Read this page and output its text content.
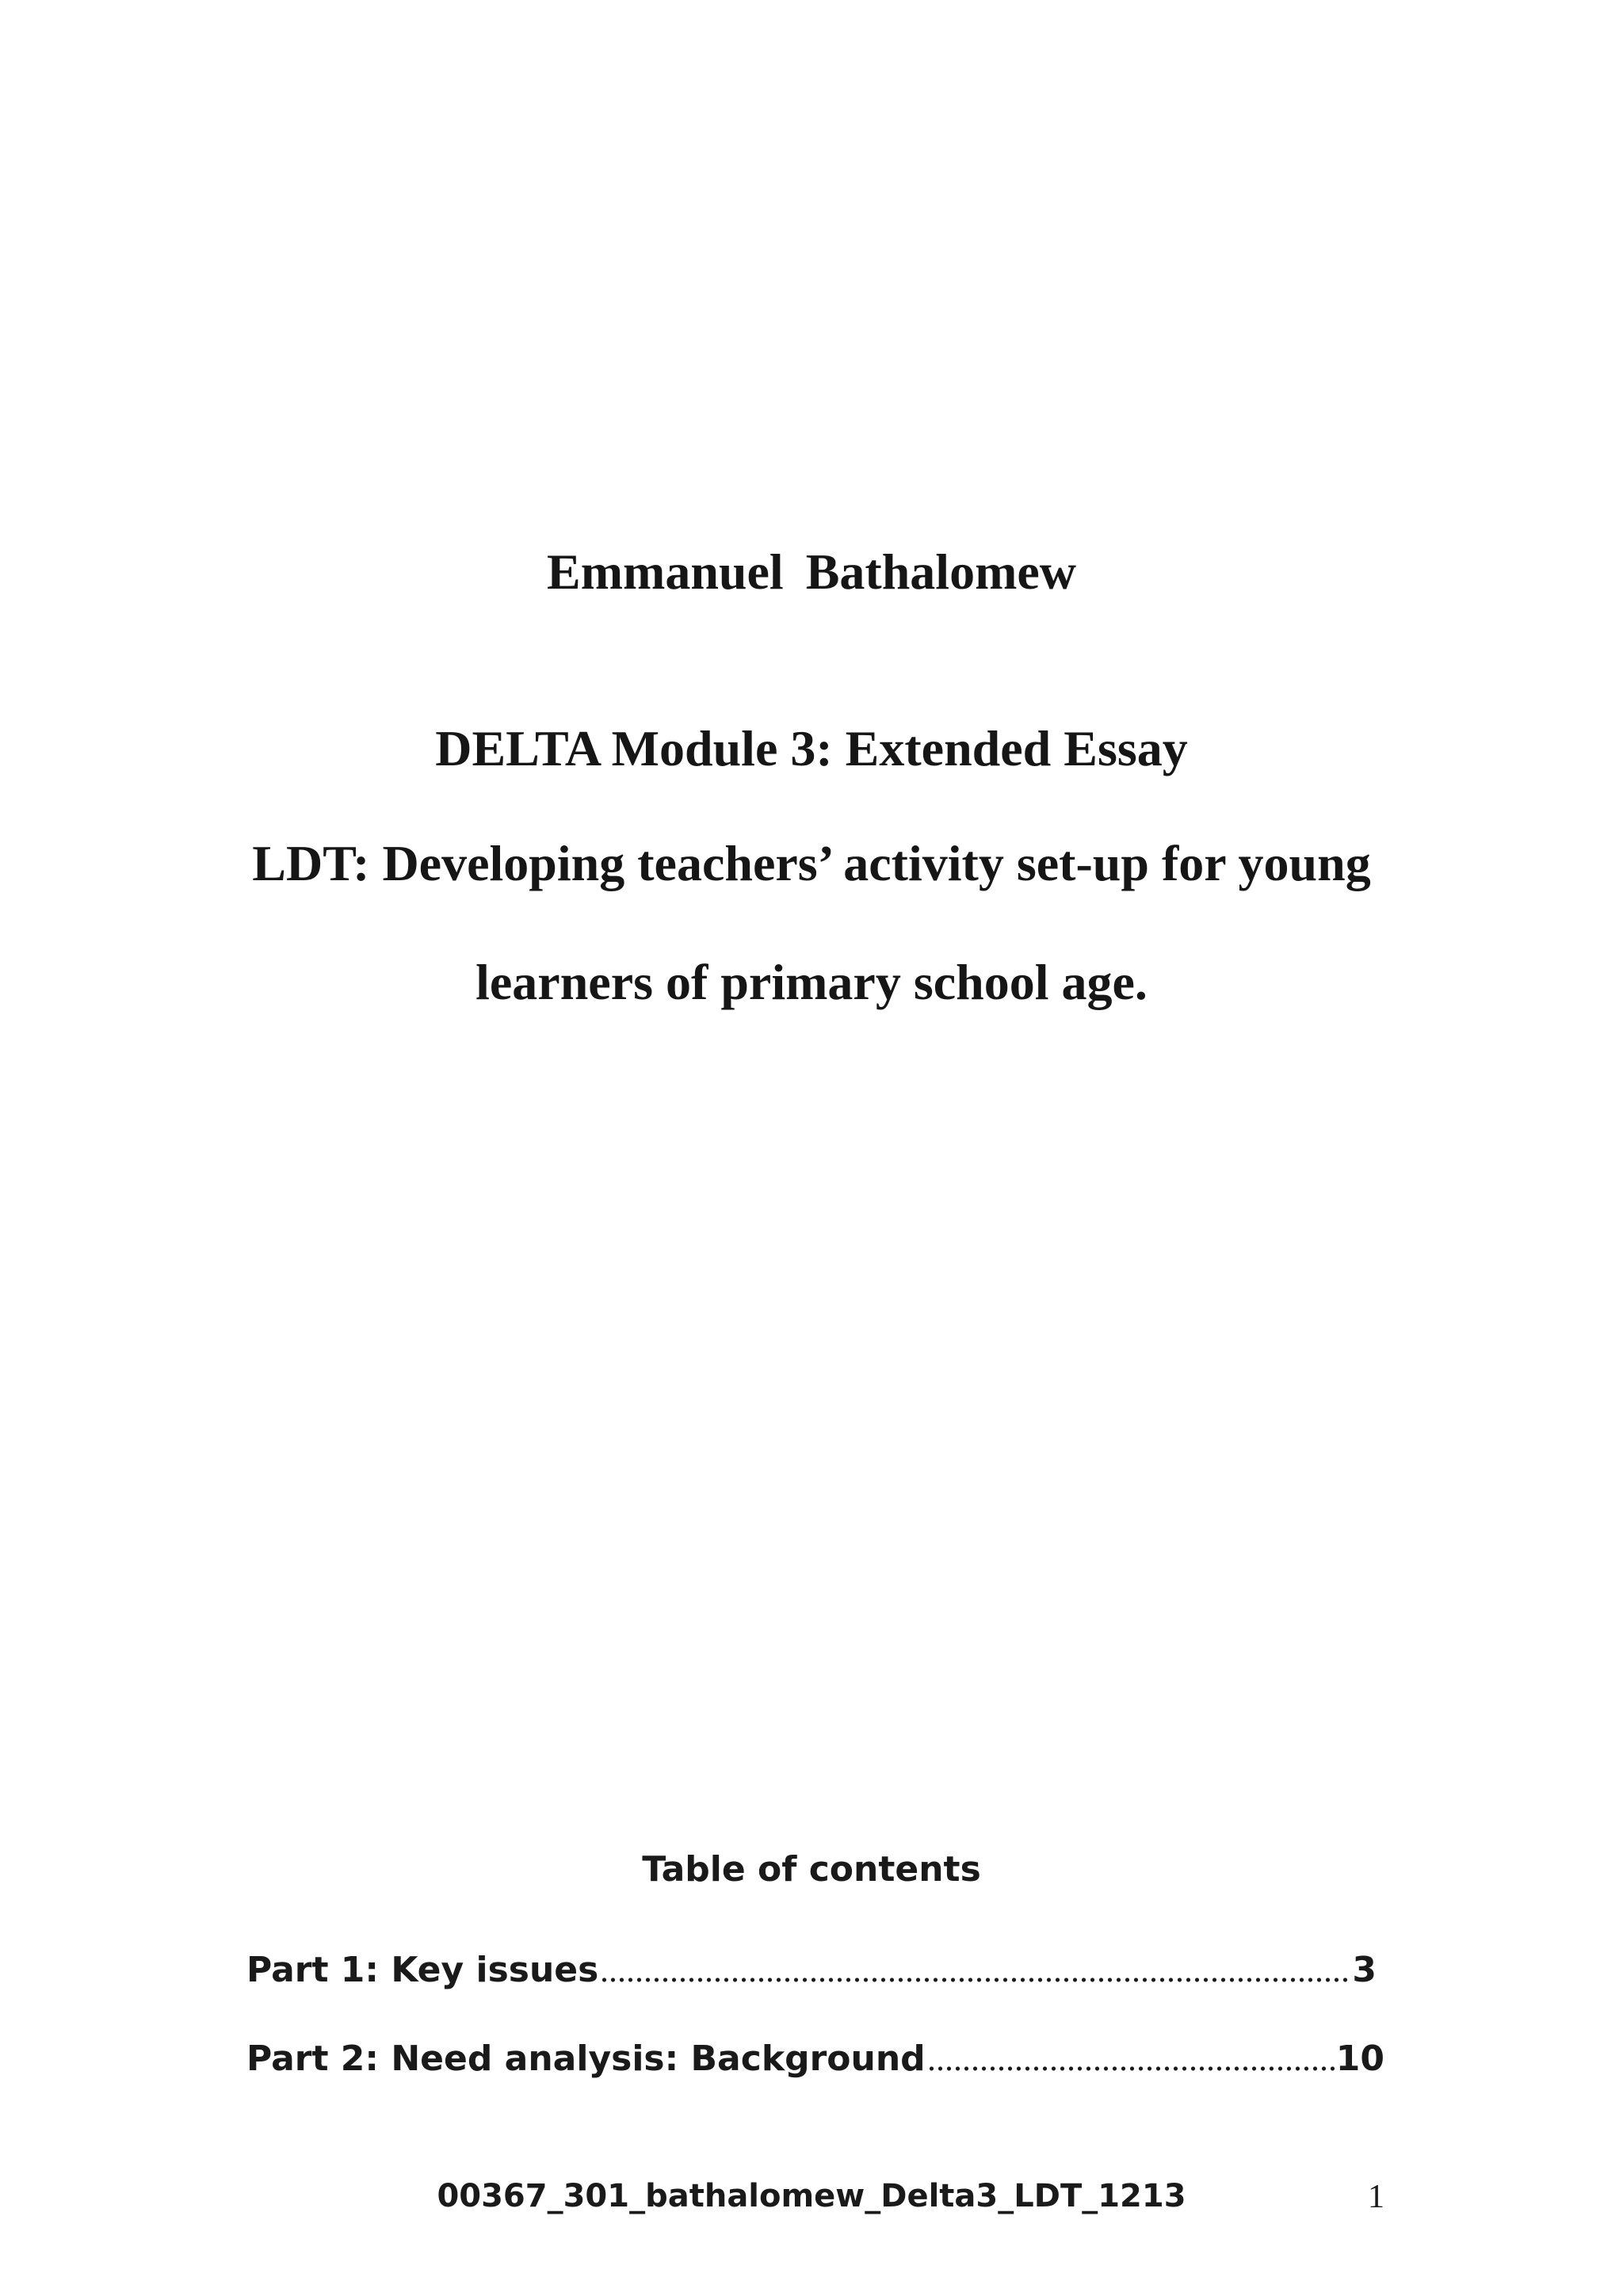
Emmanuel Bathalomew
DELTA Module 3: Extended Essay
LDT: Developing teachers’ activity set-up for young
learners of primary school age.
Table of contents
Part 1: Key issues	3
Part 2: Need analysis: Background	10
00367_301_bathalomew_Delta3_LDT_1213	1
